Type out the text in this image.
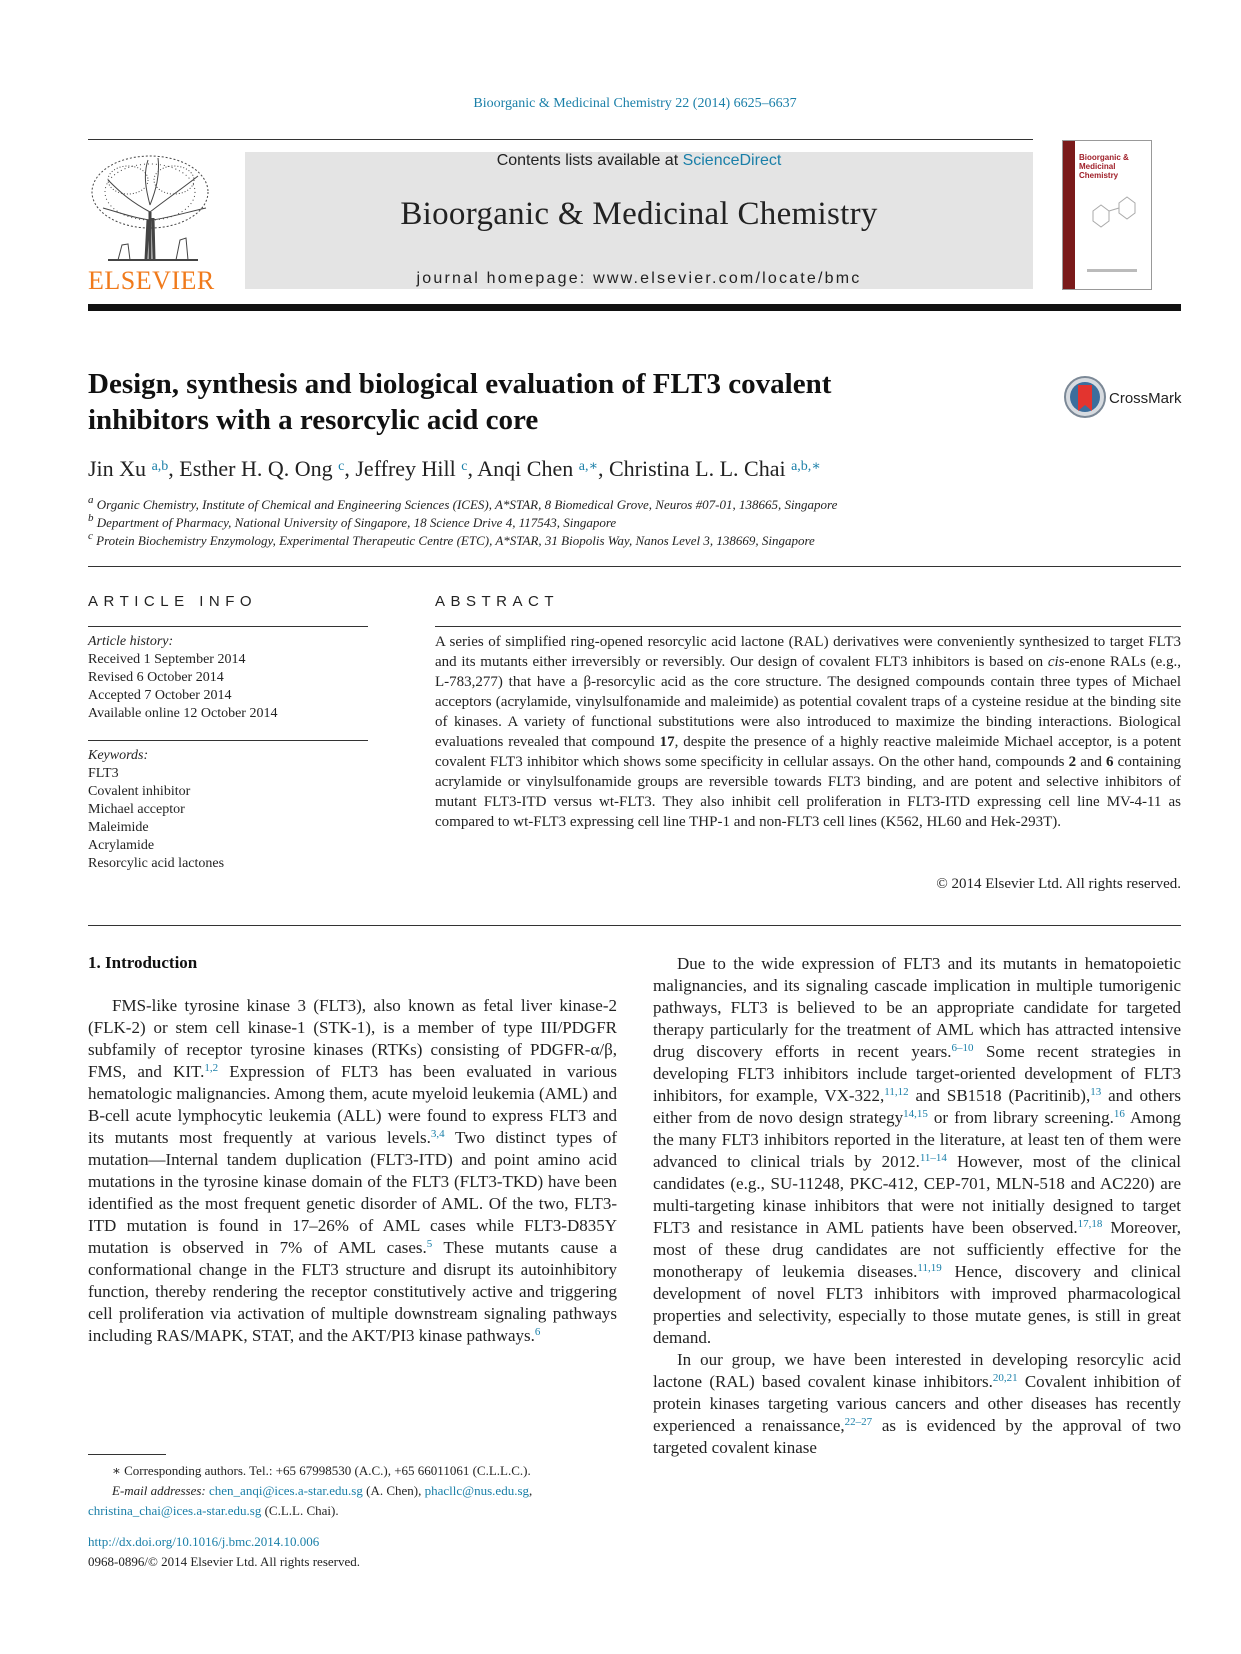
Bioorganic & Medicinal Chemistry 22 (2014) 6625–6637
ELSEVIER
Contents lists available at ScienceDirect
Bioorganic & Medicinal Chemistry
journal homepage: www.elsevier.com/locate/bmc
Bioorganic & Medicinal Chemistry
Design, synthesis and biological evaluation of FLT3 covalent
inhibitors with a resorcylic acid core
CrossMark
Jin Xu $^{a,b}$, Esther H. Q. Ong $^c$, Jeffrey Hill $^c$, Anqi Chen $^{a,∗}$, Christina L. L. Chai $^{a,b,∗}$
$^a$ Organic Chemistry, Institute of Chemical and Engineering Sciences (ICES), A*STAR, 8 Biomedical Grove, Neuros #07-01, 138665, Singapore
$^b$ Department of Pharmacy, National University of Singapore, 18 Science Drive 4, 117543, Singapore
$^c$ Protein Biochemistry Enzymology, Experimental Therapeutic Centre (ETC), A*STAR, 31 Biopolis Way, Nanos Level 3, 138669, Singapore
ARTICLE INFO
Article history:
Received 1 September 2014
Revised 6 October 2014
Accepted 7 October 2014
Available online 12 October 2014
Keywords:
FLT3
Covalent inhibitor
Michael acceptor
Maleimide
Acrylamide
Resorcylic acid lactones
ABSTRACT
A series of simplified ring-opened resorcylic acid lactone (RAL) derivatives were conveniently synthesized to target FLT3 and its mutants either irreversibly or reversibly. Our design of covalent FLT3 inhibitors is based on cis-enone RALs (e.g., L-783,277) that have a β-resorcylic acid as the core structure. The designed compounds contain three types of Michael acceptors (acrylamide, vinylsulfonamide and maleimide) as potential covalent traps of a cysteine residue at the binding site of kinases. A variety of functional substitutions were also introduced to maximize the binding interactions. Biological evaluations revealed that compound 17, despite the presence of a highly reactive maleimide Michael acceptor, is a potent covalent FLT3 inhibitor which shows some specificity in cellular assays. On the other hand, compounds 2 and 6 containing acrylamide or vinylsulfonamide groups are reversible towards FLT3 binding, and are potent and selective inhibitors of mutant FLT3-ITD versus wt-FLT3. They also inhibit cell proliferation in FLT3-ITD expressing cell line MV-4-11 as compared to wt-FLT3 expressing cell line THP-1 and non-FLT3 cell lines (K562, HL60 and Hek-293T).
© 2014 Elsevier Ltd. All rights reserved.
1. Introduction

FMS-like tyrosine kinase 3 (FLT3), also known as fetal liver kinase-2 (FLK-2) or stem cell kinase-1 (STK-1), is a member of type III/PDGFR subfamily of receptor tyrosine kinases (RTKs) consisting of PDGFR-α/β, FMS, and KIT.$^{1,2}$ Expression of FLT3 has been evaluated in various hematologic malignancies. Among them, acute myeloid leukemia (AML) and B-cell acute lymphocytic leukemia (ALL) were found to express FLT3 and its mutants most frequently at various levels.$^{3,4}$ Two distinct types of mutation—Internal tandem duplication (FLT3-ITD) and point amino acid mutations in the tyrosine kinase domain of the FLT3 (FLT3-TKD) have been identified as the most frequent genetic disorder of AML. Of the two, FLT3-ITD mutation is found in 17–26% of AML cases while FLT3-D835Y mutation is observed in 7% of AML cases.$^5$ These mutants cause a conformational change in the FLT3 structure and disrupt its autoinhibitory function, thereby rendering the receptor constitutively active and triggering cell proliferation via activation of multiple downstream signaling pathways including RAS/MAPK, STAT, and the AKT/PI3 kinase pathways.$^6$

Due to the wide expression of FLT3 and its mutants in hematopoietic malignancies, and its signaling cascade implication in multiple tumorigenic pathways, FLT3 is believed to be an appropriate candidate for targeted therapy particularly for the treatment of AML which has attracted intensive drug discovery efforts in recent years.$^{6-10}$ Some recent strategies in developing FLT3 inhibitors include target-oriented development of FLT3 inhibitors, for example, VX-322,$^{11,12}$ and SB1518 (Pacritinib),$^{13}$ and others either from de novo design strategy$^{14,15}$ or from library screening.$^{16}$ Among the many FLT3 inhibitors reported in the literature, at least ten of them were advanced to clinical trials by 2012.$^{11-14}$ However, most of the clinical candidates (e.g., SU-11248, PKC-412, CEP-701, MLN-518 and AC220) are multi-targeting kinase inhibitors that were not initially designed to target FLT3 and resistance in AML patients have been observed.$^{17,18}$ Moreover, most of these drug candidates are not sufficiently effective for the monotherapy of leukemia diseases.$^{11,19}$ Hence, discovery and clinical development of novel FLT3 inhibitors with improved pharmacological properties and selectivity, especially to those mutate genes, is still in great demand.

In our group, we have been interested in developing resorcylic acid lactone (RAL) based covalent kinase inhibitors.$^{20,21}$ Covalent inhibition of protein kinases targeting various cancers and other diseases has recently experienced a renaissance,$^{22-27}$ as is evidenced by the approval of two targeted covalent kinase

∗ Corresponding authors. Tel.: +65 67998530 (A.C.), +65 66011061 (C.L.L.C.).
E-mail addresses: chen_anqi@ices.a-star.edu.sg (A. Chen), phacllc@nus.edu.sg,
christina_chai@ices.a-star.edu.sg (C.L.L. Chai).
http://dx.doi.org/10.1016/j.bmc.2014.10.006
0968-0896/© 2014 Elsevier Ltd. All rights reserved.
